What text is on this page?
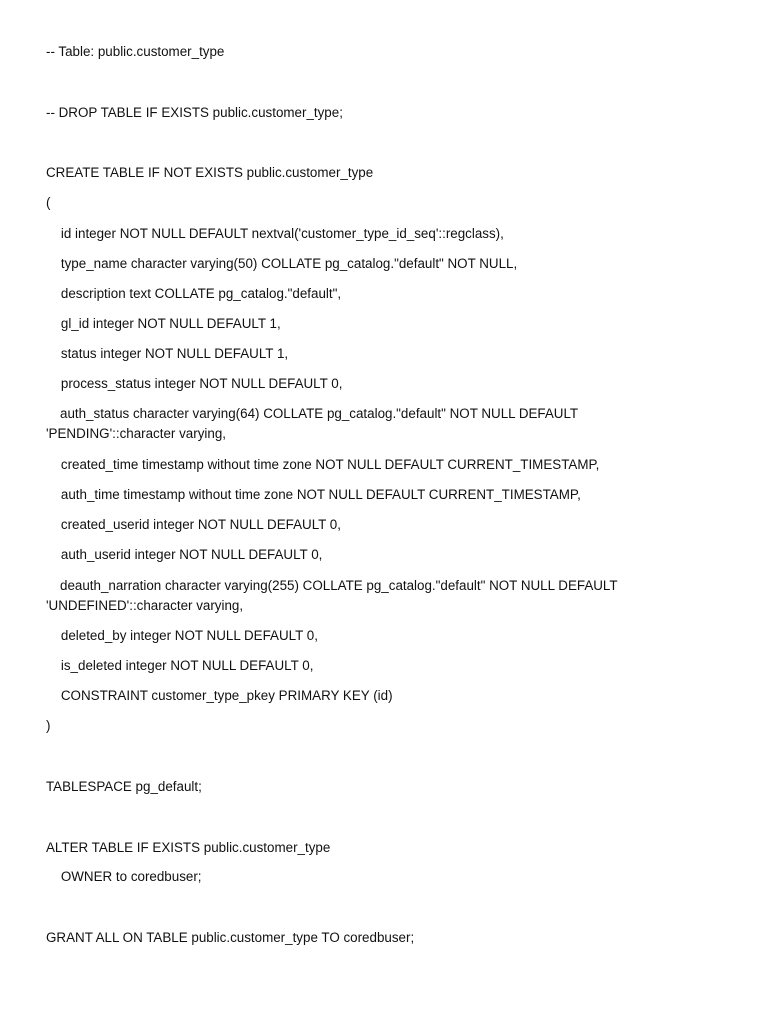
-- Table: public.customer_type

-- DROP TABLE IF EXISTS public.customer_type;

CREATE TABLE IF NOT EXISTS public.customer_type

(

id integer NOT NULL DEFAULT nextval('customer_type_id_seq'::regclass),

type_name character varying(50) COLLATE pg_catalog."default" NOT NULL,

description text COLLATE pg_catalog."default",

gl_id integer NOT NULL DEFAULT 1,

status integer NOT NULL DEFAULT 1,

process_status integer NOT NULL DEFAULT 0,

auth_status character varying(64) COLLATE pg_catalog."default" NOT NULL DEFAULT 'PENDING'::character varying,

created_time timestamp without time zone NOT NULL DEFAULT CURRENT_TIMESTAMP,

auth_time timestamp without time zone NOT NULL DEFAULT CURRENT_TIMESTAMP,

created_userid integer NOT NULL DEFAULT 0,

auth_userid integer NOT NULL DEFAULT 0,

deauth_narration character varying(255) COLLATE pg_catalog."default" NOT NULL DEFAULT 'UNDEFINED'::character varying,

deleted_by integer NOT NULL DEFAULT 0,

is_deleted integer NOT NULL DEFAULT 0,

CONSTRAINT customer_type_pkey PRIMARY KEY (id)

)

TABLESPACE pg_default;

ALTER TABLE IF EXISTS public.customer_type

OWNER to coredbuser;

GRANT ALL ON TABLE public.customer_type TO coredbuser;
